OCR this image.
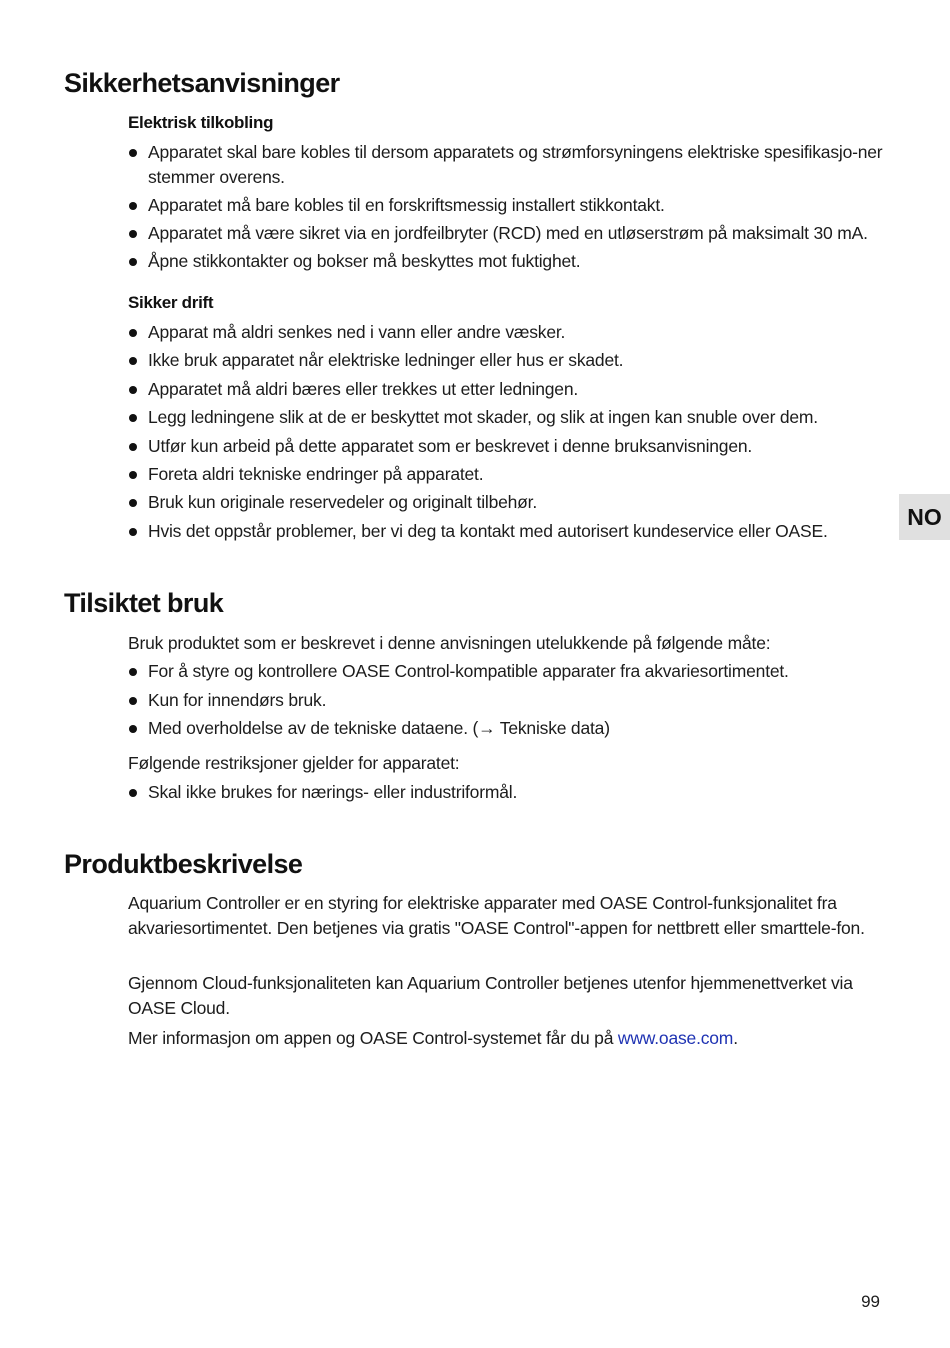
Sikkerhetsanvisninger
Elektrisk tilkobling
Apparatet skal bare kobles til dersom apparatets og strømforsyningens elektriske spesifikasjo-ner stemmer overens.
Apparatet må bare kobles til en forskriftsmessig installert stikkontakt.
Apparatet må være sikret via en jordfeilbryter (RCD) med en utløserstrøm på maksimalt 30 mA.
Åpne stikkontakter og bokser må beskyttes mot fuktighet.
Sikker drift
Apparat må aldri senkes ned i vann eller andre væsker.
Ikke bruk apparatet når elektriske ledninger eller hus er skadet.
Apparatet må aldri bæres eller trekkes ut etter ledningen.
Legg ledningene slik at de er beskyttet mot skader, og slik at ingen kan snuble over dem.
Utfør kun arbeid på dette apparatet som er beskrevet i denne bruksanvisningen.
Foreta aldri tekniske endringer på apparatet.
Bruk kun originale reservedeler og originalt tilbehør.
Hvis det oppstår problemer, ber vi deg ta kontakt med autorisert kundeservice eller OASE.
Tilsiktet bruk
Bruk produktet som er beskrevet i denne anvisningen utelukkende på følgende måte:
For å styre og kontrollere OASE Control-kompatible apparater fra akvariesortimentet.
Kun for innendørs bruk.
Med overholdelse av de tekniske dataene. (→ Tekniske data)
Følgende restriksjoner gjelder for apparatet:
Skal ikke brukes for nærings- eller industriformål.
Produktbeskrivelse
Aquarium Controller er en styring for elektriske apparater med OASE Control-funksjonalitet fra akvariesortimentet. Den betjenes via gratis "OASE Control"-appen for nettbrett eller smarttele-fon.
Gjennom Cloud-funksjonaliteten kan Aquarium Controller betjenes utenfor hjemmenettverket via OASE Cloud.
Mer informasjon om appen og OASE Control-systemet får du på www.oase.com.
NO
99
